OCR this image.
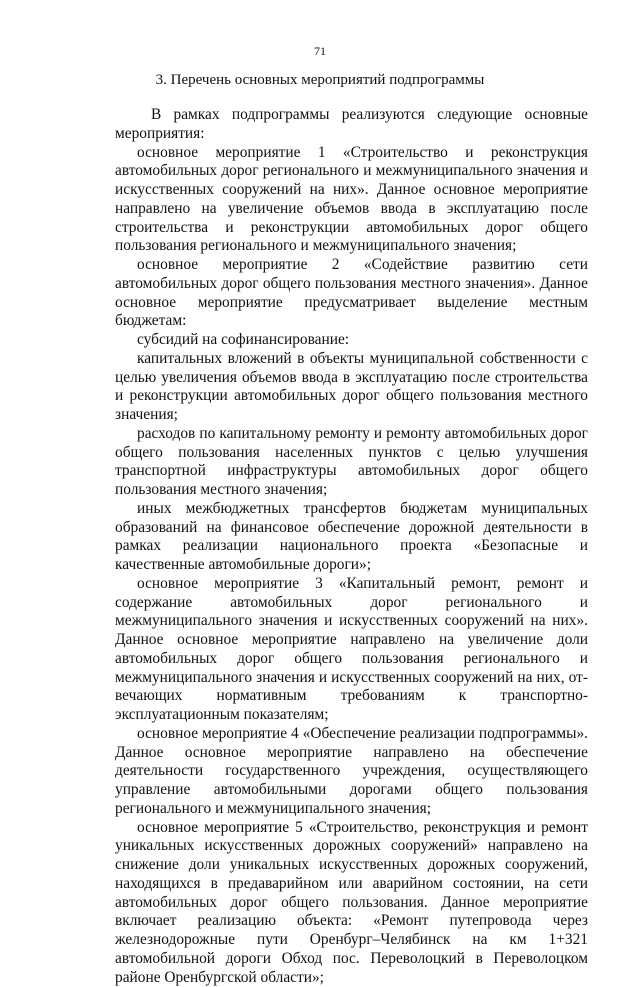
71
3. Перечень основных мероприятий подпрограммы

В рамках подпрограммы реализуются следующие основные мероприятия:

основное мероприятие 1 «Строительство и реконструкция автомобильных дорог регионального и межмуниципального значения и искусственных сооружений на них». Данное основное мероприятие направлено на увеличение объемов ввода в эксплуатацию после строительства и реконструкции автомобильных дорог общего пользования регионального и межмуниципального значения;

основное мероприятие 2 «Содействие развитию сети автомобильных дорог общего пользования местного значения». Данное основное мероприятие предусматривает выделение местным бюджетам:

субсидий на софинансирование:

капитальных вложений в объекты муниципальной собственности с целью увеличения объемов ввода в эксплуатацию после строительства и реконструкции автомобильных дорог общего пользования местного значения;

расходов по капитальному ремонту и ремонту автомобильных дорог общего пользования населенных пунктов с целью улучшения транспортной инфраструктуры автомобильных дорог общего пользования местного значения;

иных межбюджетных трансфертов бюджетам муниципальных образований на финансовое обеспечение дорожной деятельности в рамках реализации национального проекта «Безопасные и качественные автомобильные дороги»;

основное мероприятие 3 «Капитальный ремонт, ремонт и содержание автомобильных дорог регионального и межмуниципального значения и искусственных сооружений на них». Данное основное мероприятие направлено на увеличение доли автомобильных дорог общего пользования регионального и межмуниципального значения и искусственных сооружений на них, отвечающих нормативным требованиям к транспортно-эксплуатационным показателям;

основное мероприятие 4 «Обеспечение реализации подпрограммы». Данное основное мероприятие направлено на обеспечение деятельности государственного учреждения, осуществляющего управление автомобильными дорогами общего пользования регионального и межмуниципального значения;

основное мероприятие 5 «Строительство, реконструкция и ремонт уникальных искусственных дорожных сооружений» направлено на снижение доли уникальных искусственных дорожных сооружений, находящихся в предаварийном или аварийном состоянии, на сети автомобильных дорог общего пользования. Данное мероприятие включает реализацию объекта: «Ремонт путепровода через железнодорожные пути Оренбург–Челябинск на км 1+321 автомобильной дороги Обход пос. Переволоцкий в Переволоцком районе Оренбургской области»;
